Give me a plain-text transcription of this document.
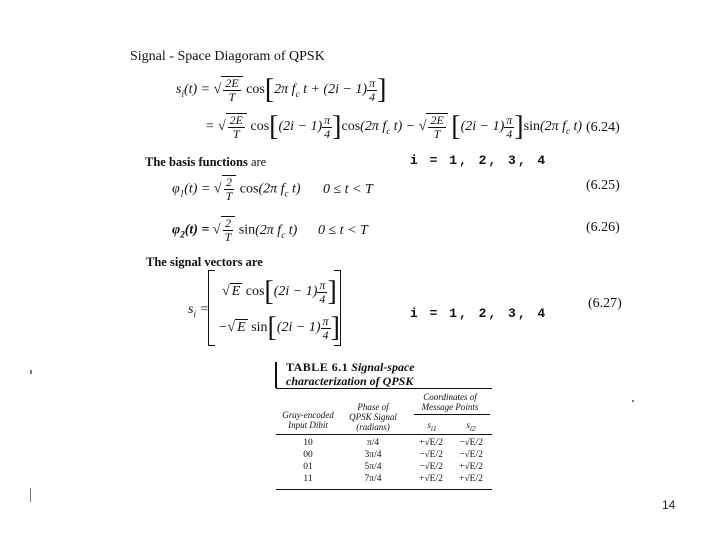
Signal - Space Diagoram of QPSK
$s_i(t)$ = √ $\frac{2E}{T} \cos[2\pi$ $f_c$ $t + (2i - 1) \frac{\pi}{4}$ ]
= √ $\frac{2E}{T} \cos[(2i - 1) \frac{\pi}{4} ]\cos(2\pi$ $f_c$ t) − √ $\frac{2E}{T} [(2i - 1) \frac{\pi}{4} ]\sin(2\pi$ $f_c$ t) (6.24)
The basis functions are	i = 1, 2, 3, 4
$\varphi_1(t)$ = √ $\frac{2}{T} \cos(2\pi$ $f_c$ t) 0 ≤ t < T	(6.25)
$\varphi_2(t)$ = √ $\frac{2}{T} \sin(2\pi$ $f_c$ t) 0 ≤ t < T	(6.26)
The signal vectors are
$s_i$ =
√ E $\cos[(2i - 1) \frac{\pi}{4}$ ]
−√ E $\sin[(2i - 1) \frac{\pi}{4}$ ]
(6.27)
i = 1, 2, 3, 4
TABLE 6.1 Signal-space
characterization of QPSK
Gray-encoded
Input Dibit
Phase of
QPSK Signal
(radians)
Coordinates of
Message Points
$s_{i1}$	$s_{i2}$
10	π/4	+√E/2	−√E/2
00	3π/4	−√E/2	−√E/2
01	5π/4	−√E/2	+√E/2
11	7π/4	+√E/2	+√E/2
14
